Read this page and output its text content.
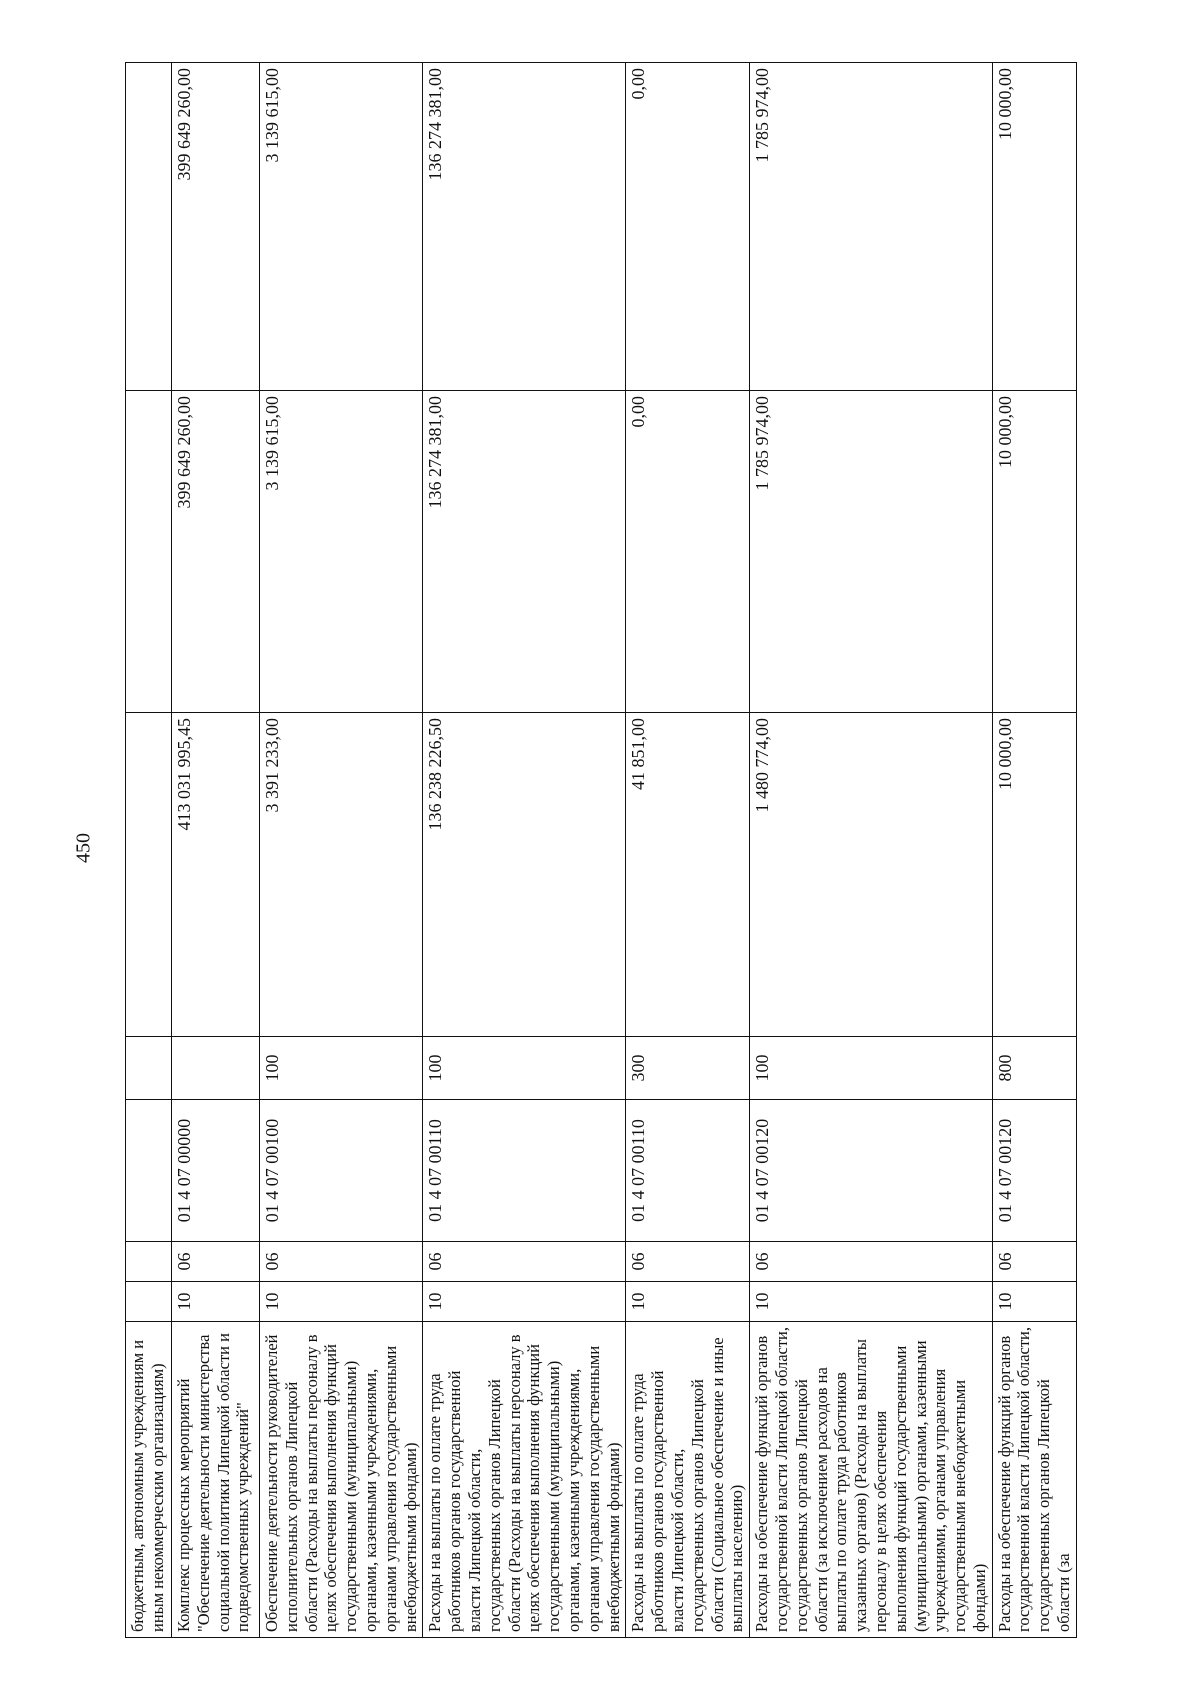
450
бюджетным, автономным учреждениям и иным некоммерческим организациям)							
Комплекс процессных мероприятий "Обеспечение деятельности министерства социальной политики Липецкой области и подведомственных учреждений"	10	06	01 4 07 00000		413 031 995,45	399 649 260,00	399 649 260,00
Обеспечение деятельности руководителей исполнительных органов Липецкой области (Расходы на выплаты персоналу в целях обеспечения выполнения функций государственными (муниципальными) органами, казенными учреждениями, органами управления государственными внебюджетными фондами)	10	06	01 4 07 00100	100	3 391 233,00	3 139 615,00	3 139 615,00
Расходы на выплаты по оплате труда работников органов государственной власти Липецкой области, государственных органов Липецкой области (Расходы на выплаты персоналу в целях обеспечения выполнения функций государственными (муниципальными) органами, казенными учреждениями, органами управления государственными внебюджетными фондами)	10	06	01 4 07 00110	100	136 238 226,50	136 274 381,00	136 274 381,00
Расходы на выплаты по оплате труда работников органов государственной власти Липецкой области, государственных органов Липецкой области (Социальное обеспечение и иные выплаты населению)	10	06	01 4 07 00110	300	41 851,00	0,00	0,00
Расходы на обеспечение функций органов государственной власти Липецкой области, государственных органов Липецкой области (за исключением расходов на выплаты по оплате труда работников указанных органов) (Расходы на выплаты персоналу в целях обеспечения выполнения функций государственными (муниципальными) органами, казенными учреждениями, органами управления государственными внебюджетными фондами)	10	06	01 4 07 00120	100	1 480 774,00	1 785 974,00	1 785 974,00
Расходы на обеспечение функций органов государственной власти Липецкой области, государственных органов Липецкой области (за	10	06	01 4 07 00120	800	10 000,00	10 000,00	10 000,00
